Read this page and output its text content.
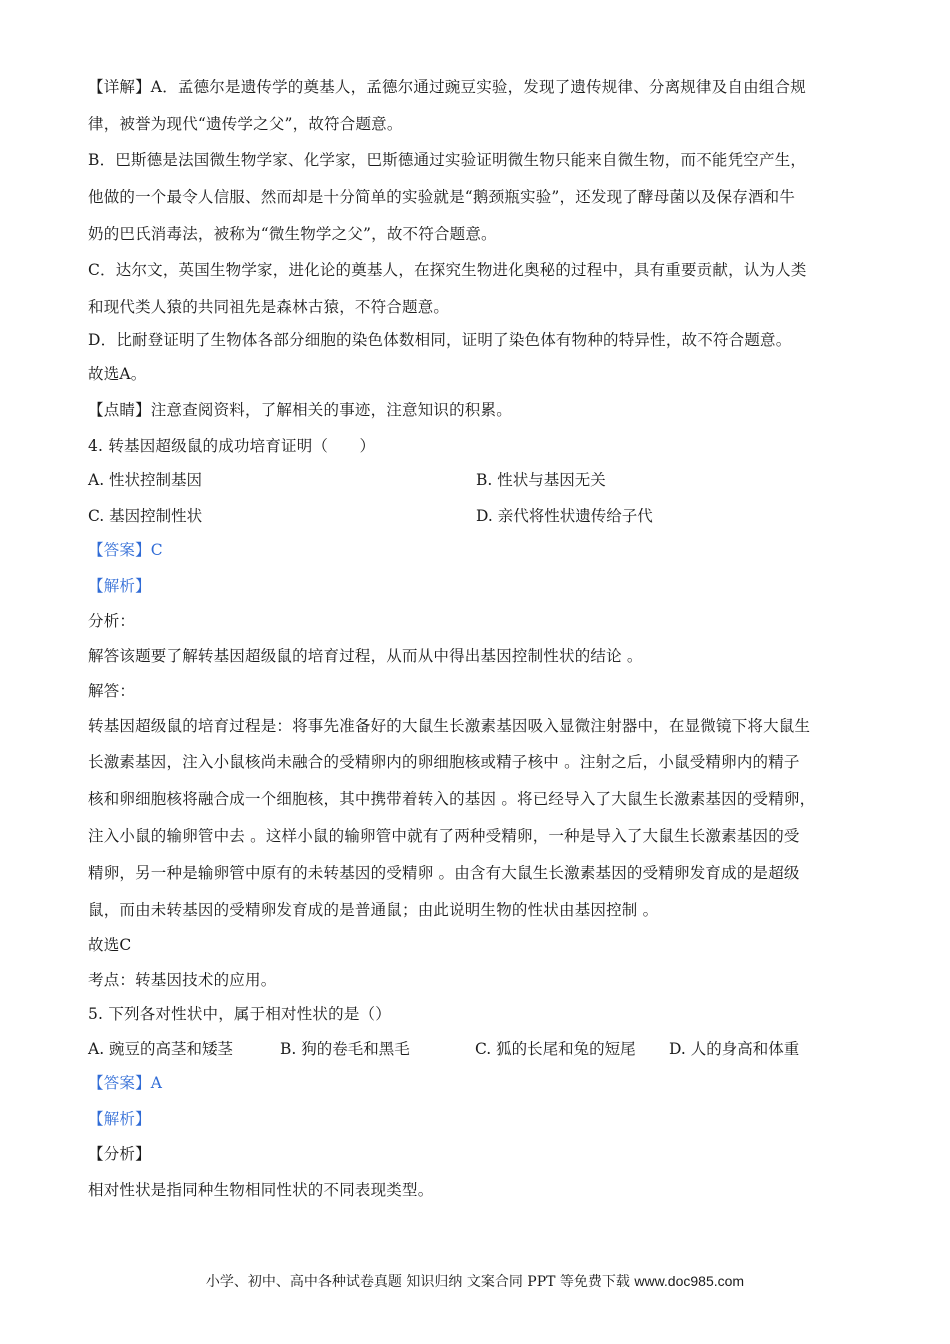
【详解】A．孟德尔是遗传学的奠基人，孟德尔通过豌豆实验，发现了遗传规律、分离规律及自由组合规
律，被誉为现代“遗传学之父”，故符合题意。
B．巴斯德是法国微生物学家、化学家，巴斯德通过实验证明微生物只能来自微生物，而不能凭空产生，
他做的一个最令人信服、然而却是十分简单的实验就是“鹅颈瓶实验”，还发现了酵母菌以及保存酒和牛
奶的巴氏消毒法，被称为“微生物学之父”，故不符合题意。
C．达尔文，英国生物学家，进化论的奠基人，在探究生物进化奥秘的过程中，具有重要贡献，认为人类
和现代类人猿的共同祖先是森林古猿，不符合题意。
D．比耐登证明了生物体各部分细胞的染色体数相同，证明了染色体有物种的特异性，故不符合题意。
故选A。
【点睛】注意查阅资料，了解相关的事迹，注意知识的积累。
4. 转基因超级鼠的成功培育证明（　　）
A. 性状控制基因	B. 性状与基因无关
C. 基因控制性状	D. 亲代将性状遗传给子代
【答案】C
【解析】
分析：
解答该题要了解转基因超级鼠的培育过程，从而从中得出基因控制性状的结论 。
解答：
转基因超级鼠的培育过程是：将事先准备好的大鼠生长激素基因吸入显微注射器中，在显微镜下将大鼠生
长激素基因，注入小鼠核尚未融合的受精卵内的卵细胞核或精子核中 。注射之后，小鼠受精卵内的精子
核和卵细胞核将融合成一个细胞核，其中携带着转入的基因 。将已经导入了大鼠生长激素基因的受精卵，
注入小鼠的输卵管中去 。这样小鼠的输卵管中就有了两种受精卵，一种是导入了大鼠生长激素基因的受
精卵，另一种是输卵管中原有的未转基因的受精卵 。由含有大鼠生长激素基因的受精卵发育成的是超级
鼠，而由未转基因的受精卵发育成的是普通鼠；由此说明生物的性状由基因控制 。
故选C
考点：转基因技术的应用。
5. 下列各对性状中，属于相对性状的是（）
A. 豌豆的高茎和矮茎	B. 狗的卷毛和黑毛	C. 狐的长尾和兔的短尾 D. 人的身高和体重
【答案】A
【解析】
【分析】
相对性状是指同种生物相同性状的不同表现类型。
小学、初中、高中各种试卷真题 知识归纳 文案合同 PPT 等免费下载 www.doc985.com
